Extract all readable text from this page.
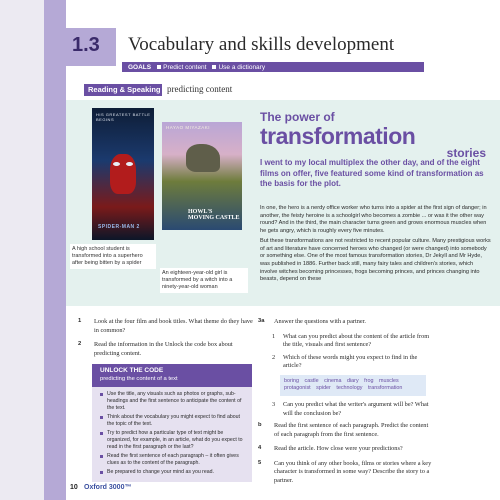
1.3 Vocabulary and skills development
GOALS	Predict content	Use a dictionary
Reading & Speaking predicting content
HIS GREATEST BATTLE BEGINS
SPIDER-MAN 2
HAYAO MIYAZAKI
HOWL'S
MOVING CASTLE
A high school student is transformed into a superhero after being bitten by a spider
An eighteen-year-old girl is transformed by a witch into a ninety-year-old woman
The power of
transformation
stories
I went to my local multiplex the other day, and of the eight films on offer, five featured some kind of transformation as the basis for the plot.

In one, the hero is a nerdy office worker who turns into a spider at the first sign of danger; in another, the feisty heroine is a schoolgirl who becomes a zombie ... or was it the other way round? And in the third, the main character turns green and grows enormous muscles when he gets angry, which is roughly every five minutes.

But these transformations are not restricted to recent popular culture. Many prestigious works of art and literature have concerned heroes who changed (or were changed) into somebody or something else. One of the most famous transformation stories, Dr Jekyll and Mr Hyde, was published in 1886. Further back still, many fairy tales and children's stories, which involve witches becoming princesses, frogs becoming princes, and princes changing into beasts, depend on these

1	Look at the four film and book titles. What theme do they have in common?
2	Read the information in the Unlock the code box about predicting content.
UNLOCK THE CODE
predicting the content of a text
Use the title, any visuals such as photos or graphs, sub-headings and the first sentence to anticipate the content of the text.
Think about the vocabulary you might expect to find about the topic of the text.
Try to predict how a particular type of text might be organized, for example, in an article, what do you expect to read in the first paragraph or the last?
Read the first sentence of each paragraph – it often gives clues as to the content of the paragraph.
Be prepared to change your mind as you read.
3a	Answer the questions with a partner.
1	What can you predict about the content of the article from the title, visuals and first sentence?
2	Which of these words might you expect to find in the article?
boring castle cinema diary frog muscles protagonist spider technology transformation
3	Can you predict what the writer's argument will be? What will the conclusion be?
b	Read the first sentence of each paragraph. Predict the content of each paragraph from the first sentence.
4	Read the article. How close were your predictions?
5	Can you think of any other books, films or stories where a key character is transformed in some way? Describe the story to a partner.
10 Oxford 3000™
